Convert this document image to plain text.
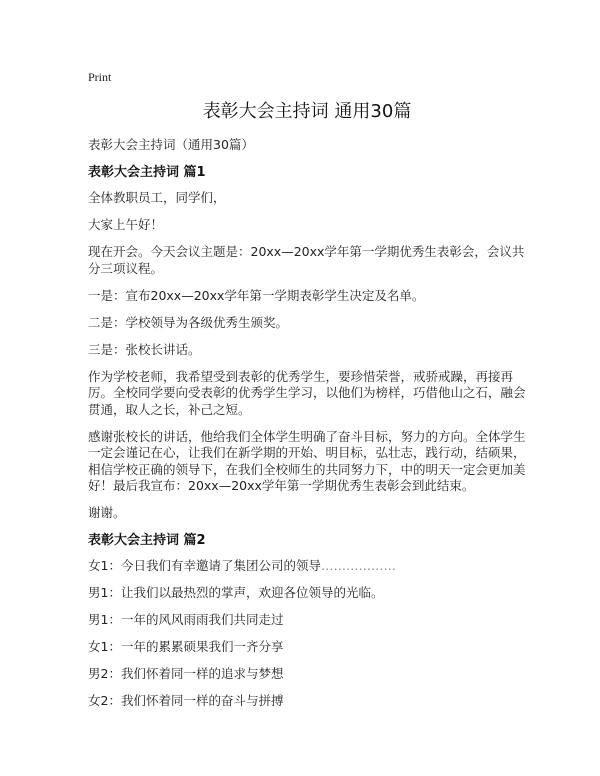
Print
表彰大会主持词 通用30篇

表彰大会主持词（通用30篇）

表彰大会主持词 篇1

全体教职员工，同学们，

大家上午好！

现在开会。今天会议主题是：20xx—20xx学年第一学期优秀生表彰会，会议共分三项议程。

一是：宣布20xx—20xx学年第一学期表彰学生决定及名单。

二是：学校领导为各级优秀生颁奖。

三是：张校长讲话。

作为学校老师，我希望受到表彰的优秀学生，要珍惜荣誉，戒骄戒躁，再接再厉。全校同学要向受表彰的优秀学生学习，以他们为榜样，巧借他山之石，融会贯通，取人之长，补己之短。

感谢张校长的讲话，他给我们全体学生明确了奋斗目标，努力的方向。全体学生一定会谨记在心，让我们在新学期的开始、明目标，弘壮志，践行动，结硕果，相信学校正确的领导下，在我们全校师生的共同努力下，中的明天一定会更加美好！最后我宣布：20xx—20xx学年第一学期优秀生表彰会到此结束。

谢谢。

表彰大会主持词 篇2

女1：今日我们有幸邀请了集团公司的领导………………

男1：让我们以最热烈的掌声，欢迎各位领导的光临。

男1：一年的风风雨雨我们共同走过

女1：一年的累累硕果我们一齐分享

男2：我们怀着同一样的追求与梦想

女2：我们怀着同一样的奋斗与拼搏
